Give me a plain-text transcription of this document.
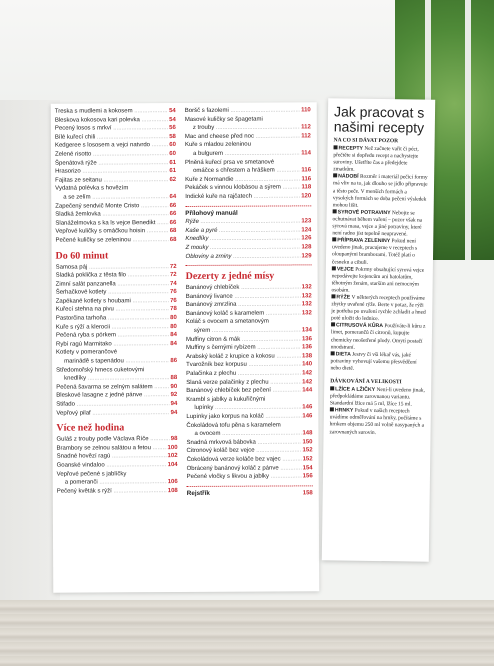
Treska s mudlemi a kokosem .....	54
Bleskova kokosova kari polevka .....	54
Pecený losos s mrkví .....	56
Bílé kuřecí chili .....	58
Kedgeree s lososem a vejci natvrdo .....	60
Zelené risotto .....	60
Špenátová rýže .....	61
Hrasorizo .....	61
Fajitas ze seitanu .....	62
Vydatná polévka s hovězím
a se zelím .....	64
Zapečený sendvič Monte Cristo .....	66
Sladká žemlovka .....	66
Slanáželmovka s ka ls vejce Benedikt .....	66
Vepřové kuličky s omáčkou hoisin .....	68
Pečené kuličky se zeleninou .....	68
Do 60 minut
Samosa páj .....	72
Sladká poklička z těsta filo .....	72
Zimní salát panzanella .....	74
Šerhačkové kotlety .....	76
Zapékané kotlety s houbami .....	76
Kuřecí stehna na pivu .....	78
Pastorčina tarhoňa .....	80
Kuře s rýží a klerocii .....	80
Pečená ryba s pórkem .....	84
Rybí ragú Marmitako .....	84
Kotlety v pomerančové
marinádě s tapenádou .....	86
Středomořský hmecs cuketovými
knedlíky .....	88
Pečená šavarma se zelným salátem .....	90
Bleskové lasagne z jedné pánve .....	92
Stifado .....	94
Vepřový pilaf .....	94
Více než hodina
Guláš z trouby podle Václava Říče .....	98
Brambory se zelnou salátou a fetou .....	100
Snadné hovězí ragú .....	102
Goanské vindaloo .....	104
Vepřové pečené s jablíčky
a pomeranči .....	106
Pečený květák s rýží .....	108
Boršč s fazolemi .....	110
Masové kuličky se špagetami
z trouby .....	112
Mac and cheese před noc .....	112
Kuře s mladou zeleninou
a bulgurem .....	114
Plněná kuřecí prsa ve smetanové
omáčce s chřestem a hráškem .....	116
Kuře z Normandie .....	116
Pekáček s vinnou klobásou a sýrem .....	118
Indické kuře na rajčatech .....	120
Přílohový manuál
Rýže .....	123
Kaše a pyré .....	124
Knedlíky .....	126
Z mouky .....	128
Obloviny a zrniny .....	129
Dezerty z jedné mísy
Banánový chlebíček .....	132
Banánový livance .....	132
Banánový zmrzlina .....	132
Banánový koláč s karamelem .....	132
Koláč s ovocem a smetanovým
sýrem .....	134
Muffiny citron & mák .....	136
Muffiny s černými rybízem .....	136
Arabský koláč z krupice a kokosu .....	138
Tvarožník bez korpusu .....	140
Palačinka z plechu .....	142
Slaná verze palačinky z plechu .....	142
Banánový chlebíček bez pečení .....	144
Krambl s jablky a kukuřičnými
lupínky .....	146
Lupínky jako korpus na koláč .....	146
Čokoládová tofu pěna s karamelem
a ovocem .....	148
Snadná mrkvová bábovka .....	150
Citronový koláč bez vejce .....	152
Čokoládová verze koláče bez vajec .....	152
Obrácený banánový koláč z pánve .....	154
Pečené vločky s likvou a jablky .....	156
Rejstřík	158
Jak pracovat s našimi recepty
NA CO SI DÁVAT POZOR

RECEPTY Než začnete vařit či péct, přečtěte si dopředu recept a nachystejte suroviny. Ušetříte čas a předejdete zmatkům.

NÁDOBÍ Rozměr i materiál pečicí formy má vliv na to, jak dlouho se jídlo připravuje a těsto peče. V menších formách a vysokých formách se doba pečení výsledek mohou lišit.

SYROVÉ POTRAVINY Nebojte se ochutnávat během vaření – pozor však na syrová masa, vejce a jiné potraviny, které není radno jíst tepelně neupravené.

PŘÍPRAVA ZELENINY Pokud není uvedeno jinak, pracujeme v receptech s oloupanými bramborami. Totéž platí o česneku a cibuli.

VEJCE Pokrmy obsahující syrová vejce nepodávejte kojencům ani batolatům, těhotným ženám, starším ani nemocným osobám.

RÝŽE V některých receptech používáme zbytky uvařené rýže. Berte v potaz, že rýži je potřeba po uvaření rychle zchladit a hned poté uložit do lednice.

CITRUSOVÁ KŮRA Používáte-li kůru z limet, pomerančů či citronů, kupujte chemicky neošetřené plody. Omytí postačí nnodstraní.

DIETA Jestvy či vši lékař vás, jaké potraviny vyhovují vašemu přesvědčení nebo dietě.

DÁVKOVÁNÍ A VELIKOSTI

LŽÍCE A LŽIČKY Není-li uvedeno jinak, předpokládáme zarovnanou variantu. Standardní lžíce má 5 ml, lžíce 15 ml.

HRNKY Pokud v našich receptech uvádíme odměřování na hrnky, počítáme s hrnkem objemu 250 ml volně nasypaných a zarovnaných surovin.
